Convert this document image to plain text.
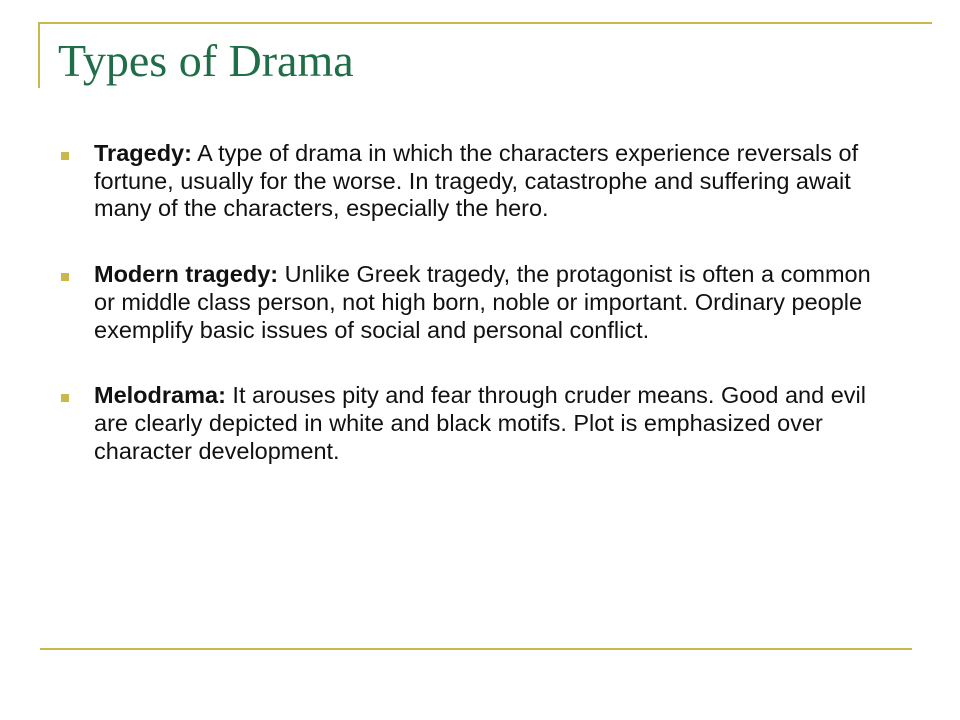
Types of Drama
Tragedy: A type of drama in which the characters experience reversals of fortune, usually for the worse. In tragedy, catastrophe and suffering await many of the characters, especially the hero.
Modern tragedy: Unlike Greek tragedy, the protagonist is often a common or middle class person, not high born, noble or important. Ordinary people exemplify basic issues of social and personal conflict.
Melodrama: It arouses pity and fear through cruder means. Good and evil are clearly depicted in white and black motifs. Plot is emphasized over character development.
